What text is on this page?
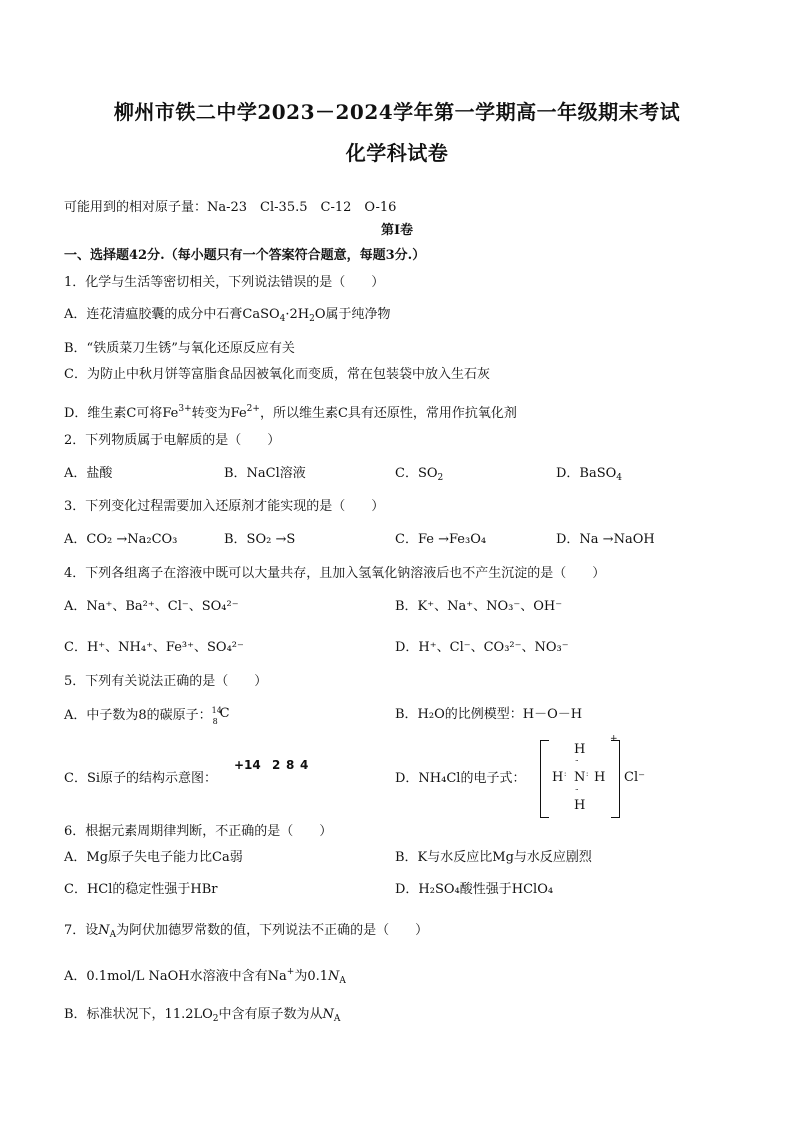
柳州市铁二中学2023－2024学年第一学期高一年级期末考试
化学科试卷
可能用到的相对原子量：Na-23　Cl-35.5　C-12　O-16
第Ⅰ卷
一、选择题42分.（每小题只有一个答案符合题意，每题3分.）
1．化学与生活等密切相关，下列说法错误的是（　　）
A．连花清瘟胶囊的成分中石膏$CaSO_4\cdot 2H_2O$属于纯净物
B．“铁质菜刀生锈”与氧化还原反应有关
C．为防止中秋月饼等富脂食品因被氧化而变质，常在包装袋中放入生石灰
D．维生素C可将$Fe^{3+}$转变为$Fe^{2+}$，所以维生素C具有还原性，常用作抗氧化剂
2．下列物质属于电解质的是（　　）
A．盐酸	B．NaCl溶液	C．$SO_2$	D．BaSO$_4$
3．下列变化过程需要加入还原剂才能实现的是（　　）
A．CO₂ →Na₂CO₃	B．SO₂ →S	C．Fe →Fe₃O₄	D．Na →NaOH
4．下列各组离子在溶液中既可以大量共存，且加入氢氧化钠溶液后也不产生沉淀的是（　　）
A．Na⁺、Ba²⁺、Cl⁻、SO₄²⁻	B．K⁺、Na⁺、NO₃⁻、OH⁻
C．H⁺、NH₄⁺、Fe³⁺、SO₄²⁻	D．H⁺、Cl⁻、CO₃²⁻、NO₃⁻
5．下列有关说法正确的是（　　）
A．中子数为8的碳原子： 14
8
C	B．H₂O的比例模型：H－O－H
C．Si原子的结构示意图：
+14 2 8 4
D．NH₄Cl的电子式：
H
··
H : N : H
··
H
+
Cl⁻
6．根据元素周期律判断，不正确的是（　　）
A．Mg原子失电子能力比Ca弱	B．K与水反应比Mg与水反应剧烈
C．HCl的稳定性强于HBr	D．H₂SO₄酸性强于HClO₄
7．设$N_A$为阿伏加德罗常数的值，下列说法不正确的是（　　）
A．0.1mol/L NaOH水溶液中含有Na+为$0.1N_A$
B．标准状况下，$11.2LO_2$中含有原子数为从$N_A$
